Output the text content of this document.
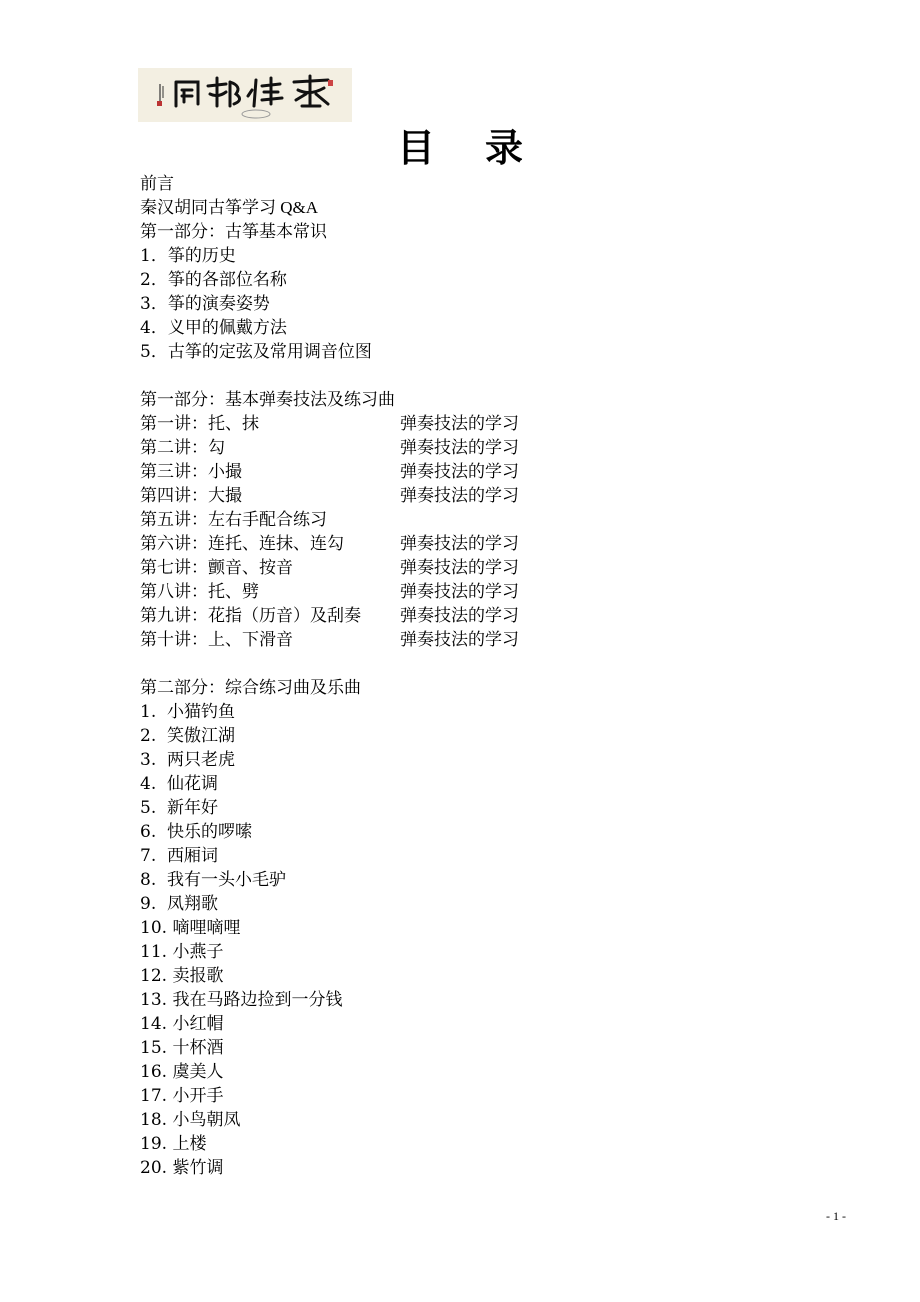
目录
前言
秦汉胡同古筝学习 Q&A
第一部分：古筝基本常识
1．筝的历史
2．筝的各部位名称
3．筝的演奏姿势
4．义甲的佩戴方法
5．古筝的定弦及常用调音位图
第一部分：基本弹奏技法及练习曲
第一讲：托、抹	弹奏技法的学习
第二讲：勾	弹奏技法的学习
第三讲：小撮	弹奏技法的学习
第四讲：大撮	弹奏技法的学习
第五讲：左右手配合练习
第六讲：连托、连抹、连勾	弹奏技法的学习
第七讲：颤音、按音	弹奏技法的学习
第八讲：托、劈	弹奏技法的学习
第九讲：花指（历音）及刮奏 弹奏技法的学习
第十讲：上、下滑音	弹奏技法的学习
第二部分：综合练习曲及乐曲
1.  小猫钓鱼
2.  笑傲江湖
3.  两只老虎
4.  仙花调
5.  新年好
6.  快乐的啰嗦
7.  西厢词
8.  我有一头小毛驴
9.  凤翔歌
10. 嘀哩嘀哩
11. 小燕子
12. 卖报歌
13. 我在马路边捡到一分钱
14. 小红帽
15. 十杯酒
16. 虞美人
17. 小开手
18. 小鸟朝凤
19. 上楼
20. 紫竹调
- 1 -
